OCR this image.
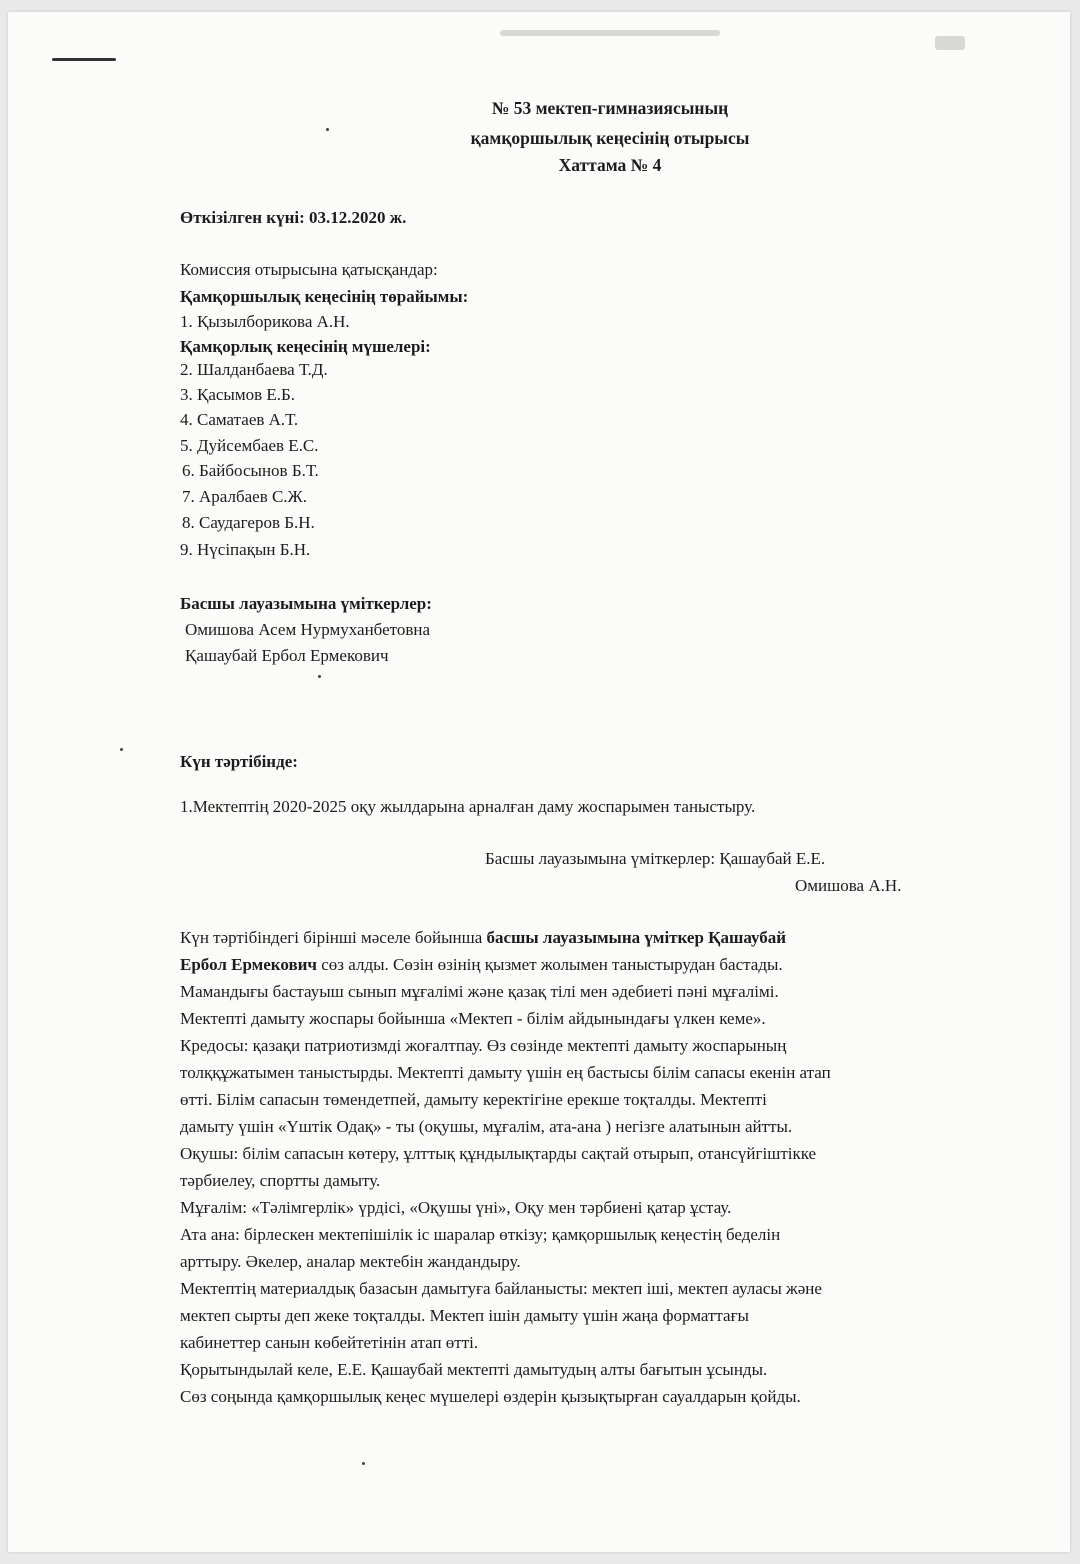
№ 53 мектеп-гимназиясының
қамқоршылық кеңесінің отырысы
Хаттама № 4
Өткізілген күні: 03.12.2020 ж.
Комиссия отырысына қатысқандар:
Қамқоршылық кеңесінің төрайымы:
1. Қызылборикова А.Н.
Қамқорлық кеңесінің мүшелері:
2. Шалданбаева Т.Д.
3. Қасымов Е.Б.
4. Саматаев А.Т.
5. Дуйсембаев Е.С.
6. Байбосынов Б.Т.
7. Аралбаев С.Ж.
8. Саудагеров Б.Н.
9. Нүсіпақын Б.Н.
Басшы лауазымына үміткерлер:
Омишова Асем Нурмуханбетовна
Қашаубай Ербол Ермекович
Күн тәртібінде:
1.Мектептің 2020-2025 оқу жылдарына арналған даму жоспарымен таныстыру.
Басшы лауазымына үміткерлер: Қашаубай Е.Е.
Омишова А.Н.
Күн тәртібіндегі бірінші мәселе бойынша басшы лауазымына үміткер Қашаубай
Ербол Ермекович сөз алды. Сөзін өзінің қызмет жолымен таныстырудан бастады.
Мамандығы бастауыш сынып мұғалімі және қазақ тілі мен әдебиеті пәні мұғалімі.
Мектепті дамыту жоспары бойынша «Мектеп - білім айдынындағы үлкен кеме».
Кредосы: қазақи патриотизмді жоғалтпау. Өз сөзінде мектепті дамыту жоспарының
толққұжатымен таныстырды. Мектепті дамыту үшін ең бастысы білім сапасы екенін атап
өтті. Білім сапасын төмендетпей, дамыту керектігіне ерекше тоқталды. Мектепті
дамыту үшін «Үштік Одақ» - ты (оқушы, мұғалім, ата-ана ) негізге алатынын айтты.
Оқушы: білім сапасын көтеру, ұлттық құндылықтарды сақтай отырып, отансүйгіштікке
тәрбиелеу, спортты дамыту.
Мұғалім: «Тәлімгерлік» үрдісі, «Оқушы үні», Оқу мен тәрбиені қатар ұстау.
Ата ана: бірлескен мектепішілік іс шаралар өткізу; қамқоршылық кеңестің беделін
арттыру. Әкелер, аналар мектебін жандандыру.
Мектептің материалдық базасын дамытуға байланысты: мектеп іші, мектеп ауласы және
мектеп сырты деп жеке тоқталды. Мектеп ішін дамыту үшін жаңа форматтағы
кабинеттер санын көбейтетінін атап өтті.
Қорытындылай келе, Е.Е. Қашаубай мектепті дамытудың алты бағытын ұсынды.
Сөз соңында қамқоршылық кеңес мүшелері өздерін қызықтырған сауалдарын қойды.
